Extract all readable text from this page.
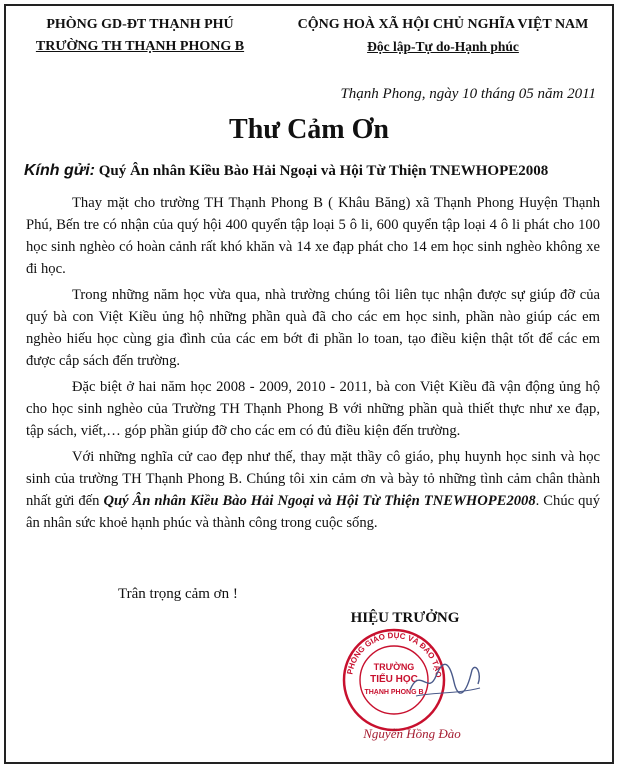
PHÒNG GD-ĐT THẠNH PHÚ
TRƯỜNG TH THẠNH PHONG B
CỘNG HOÀ XÃ HỘI CHỦ NGHĨA VIỆT NAM
Độc lập-Tự do-Hạnh phúc
Thạnh Phong, ngày 10 tháng 05 năm 2011
Thư Cảm Ơn
Kính gửi: Quý Ân nhân Kiều Bào Hải Ngoại và Hội Từ Thiện TNEWHOPE2008

Thay mặt cho trường TH Thạnh Phong B ( Khâu Băng) xã Thạnh Phong Huyện Thạnh Phú, Bến tre có nhận của quý hội 400 quyển tập loại 5 ô li, 600 quyển tập loại 4 ô li phát cho 100 học sinh nghèo có hoàn cảnh rất khó khăn và 14 xe đạp phát cho 14 em học sinh nghèo không xe đi học.

Trong những năm học vừa qua, nhà trường chúng tôi liên tục nhận được sự giúp đỡ của quý bà con Việt Kiều ủng hộ những phần quà đã cho các em học sinh, phần nào giúp các em nghèo hiếu học cùng gia đình của các em bớt đi phần lo toan, tạo điều kiện thật tốt để các em được cắp sách đến trường.

Đặc biệt ở hai năm học 2008 - 2009, 2010 - 2011, bà con Việt Kiều đã vận động ủng hộ cho học sinh nghèo của Trường TH Thạnh Phong B với những phần quà thiết thực như xe đạp, tập sách, viết,… góp phần giúp đỡ cho các em có đủ điều kiện đến trường.

Với những nghĩa cử cao đẹp như thế, thay mặt thầy cô giáo, phụ huynh học sinh và học sinh của trường TH Thạnh Phong B. Chúng tôi xin cảm ơn và bày tỏ những tình cảm chân thành nhất gửi đến Quý Ân nhân Kiều Bào Hải Ngoại và Hội Từ Thiện TNEWHOPE2008. Chúc quý ân nhân sức khoẻ hạnh phúc và thành công trong cuộc sống.

Trân trọng cảm ơn !
HIỆU TRƯỞNG
PHÒNG GIÁO DỤC VÀ ĐÀO TẠO
TRƯỜNG
TIỂU HỌC
THẠNH PHONG B
Nguyễn Hồng Đào
